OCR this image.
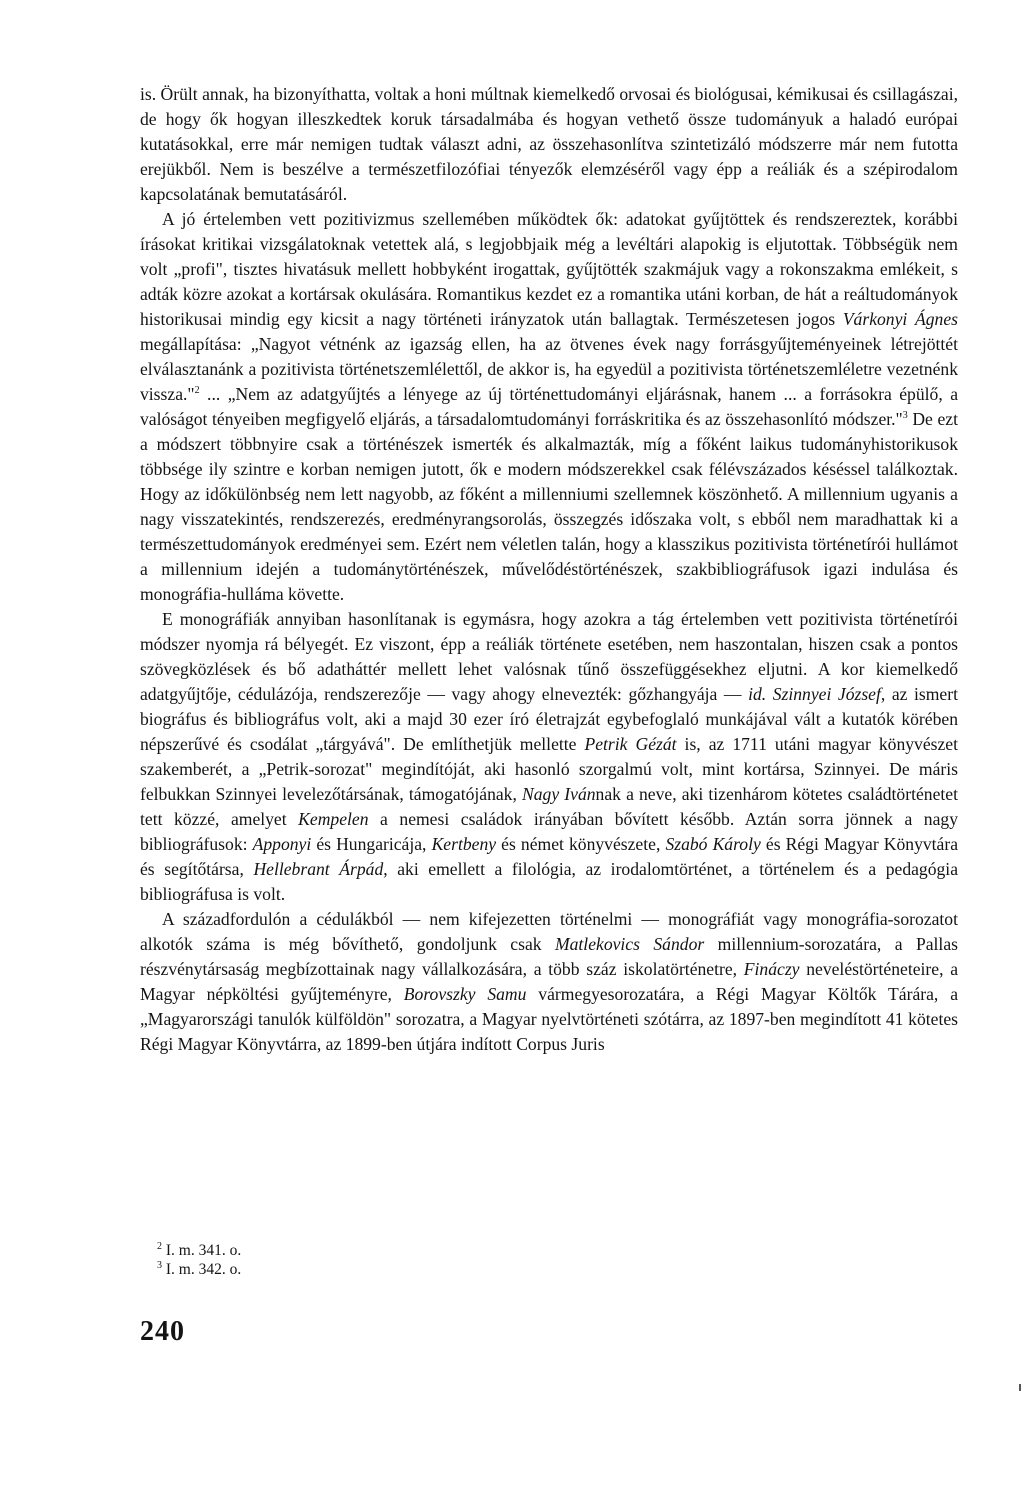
is. Örült annak, ha bizonyíthatta, voltak a honi múltnak kiemelkedő orvosai és biológusai, kémikusai és csillagászai, de hogy ők hogyan illeszkedtek koruk társadalmába és hogyan vethető össze tudományuk a haladó európai kutatásokkal, erre már nemigen tudtak választ adni, az összehasonlítva szintetizáló módszerre már nem futotta erejükből. Nem is beszélve a természetfilozófiai tényezők elemzéséről vagy épp a reáliák és a szépirodalom kapcsolatának bemutatásáról.

A jó értelemben vett pozitivizmus szellemében működtek ők: adatokat gyűjtöttek és rendszereztek, korábbi írásokat kritikai vizsgálatoknak vetettek alá, s legjobbjaik még a levéltári alapokig is eljutottak. Többségük nem volt „profi", tisztes hivatásuk mellett hobbyként irogattak, gyűjtötték szakmájuk vagy a rokonszakma emlékeit, s adták közre azokat a kortársak okulására. Romantikus kezdet ez a romantika utáni korban, de hát a reáltudományok historikusai mindig egy kicsit a nagy történeti irányzatok után ballagtak. Természetesen jogos Várkonyi Ágnes megállapítása: „Nagyot vétnénk az igazság ellen, ha az ötvenes évek nagy forrásgyűjteményeinek létrejöttét elválasztanánk a pozitivista történetszemlélettől, de akkor is, ha egyedül a pozitivista történetszemléletre vezetnénk vissza."$^2$ ... „Nem az adatgyűjtés a lényege az új történettudományi eljárásnak, hanem ... a forrásokra épülő, a valóságot tényeiben megfigyelő eljárás, a társadalomtudományi forráskritika és az összehasonlító módszer."$^3$ De ezt a módszert többnyire csak a történészek ismerték és alkalmazták, míg a főként laikus tudományhistorikusok többsége ily szintre e korban nemigen jutott, ők e modern módszerekkel csak félévszázados késéssel találkoztak. Hogy az időkülönbség nem lett nagyobb, az főként a millenniumi szellemnek köszönhető. A millennium ugyanis a nagy visszatekintés, rendszerezés, eredményrangsorolás, összegzés időszaka volt, s ebből nem maradhattak ki a természettudományok eredményei sem. Ezért nem véletlen talán, hogy a klasszikus pozitivista történetírói hullámot a millennium idején a tudománytörténészek, művelődéstörténészek, szakbibliográfusok igazi indulása és monográfia-hulláma követte.

E monográfiák annyiban hasonlítanak is egymásra, hogy azokra a tág értelemben vett pozitivista történetírói módszer nyomja rá bélyegét. Ez viszont, épp a reáliák története esetében, nem haszontalan, hiszen csak a pontos szövegközlések és bő adatháttér mellett lehet valósnak tűnő összefüggésekhez eljutni. A kor kiemelkedő adatgyűjtője, cédulázója, rendszerezője — vagy ahogy elnevezték: gőzhangyája — id. Szinnyei József, az ismert biográfus és bibliográfus volt, aki a majd 30 ezer író életrajzát egybefoglaló munkájával vált a kutatók körében népszerűvé és csodálat „tárgyává". De említhetjük mellette Petrik Gézát is, az 1711 utáni magyar könyvészet szakemberét, a „Petrik-sorozat" megindítóját, aki hasonló szorgalmú volt, mint kortársa, Szinnyei. De máris felbukkan Szinnyei levelezőtársának, támogatójának, Nagy Ivánnak a neve, aki tizenhárom kötetes családtörténetet tett közzé, amelyet Kempelen a nemesi családok irányában bővített később. Aztán sorra jönnek a nagy bibliográfusok: Apponyi és Hungaricája, Kertbeny és német könyvészete, Szabó Károly és Régi Magyar Könyvtára és segítőtársa, Hellebrant Árpád, aki emellett a filológia, az irodalomtörténet, a történelem és a pedagógia bibliográfusa is volt.

A századfordulón a cédulákból — nem kifejezetten történelmi — monográfiát vagy monográfia-sorozatot alkotók száma is még bővíthető, gondoljunk csak Matlekovics Sándor millennium-sorozatára, a Pallas részvénytársaság megbízottainak nagy vállalkozására, a több száz iskolatörténetre, Fináczy neveléstörténeteire, a Magyar népköltési gyűjteményre, Borovszky Samu vármegyesorozatára, a Régi Magyar Költők Tárára, a „Magyarországi tanulók külföldön" sorozatra, a Magyar nyelvtörténeti szótárra, az 1897-ben megindított 41 kötetes Régi Magyar Könyvtárra, az 1899-ben útjára indított Corpus Juris

$^2$ I. m. 341. o.

$^3$ I. m. 342. o.

240
